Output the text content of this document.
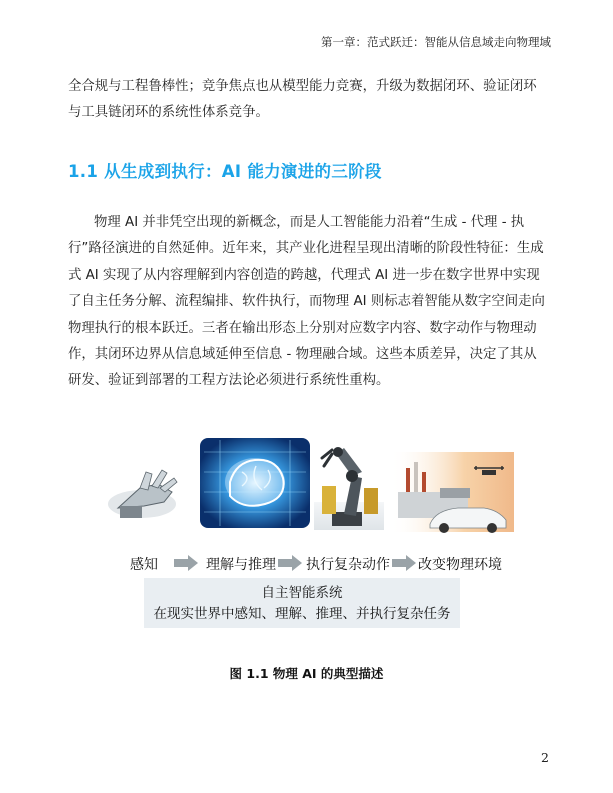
第一章：范式跃迁：智能从信息域走向物理域

全合规与工程鲁棒性；竞争焦点也从模型能力竞赛，升级为数据闭环、验证闭环与工具链闭环的系统性体系竞争。

1.1 从生成到执行：AI 能力演进的三阶段

物理 AI 并非凭空出现的新概念，而是人工智能能力沿着“生成 - 代理 - 执行”路径演进的自然延伸。近年来，其产业化进程呈现出清晰的阶段性特征：生成式 AI 实现了从内容理解到内容创造的跨越，代理式 AI 进一步在数字世界中实现了自主任务分解、流程编排、软件执行，而物理 AI 则标志着智能从数字空间走向物理执行的根本跃迁。三者在输出形态上分别对应数字内容、数字动作与物理动作，其闭环边界从信息域延伸至信息 - 物理融合域。这些本质差异，决定了其从研发、验证到部署的工程方法论必须进行系统性重构。

感知	理解与推理 执行复杂动作 改变物理环境
自主智能系统
在现实世界中感知、理解、推理、并执行复杂任务
图 1.1 物理 AI 的典型描述
2
